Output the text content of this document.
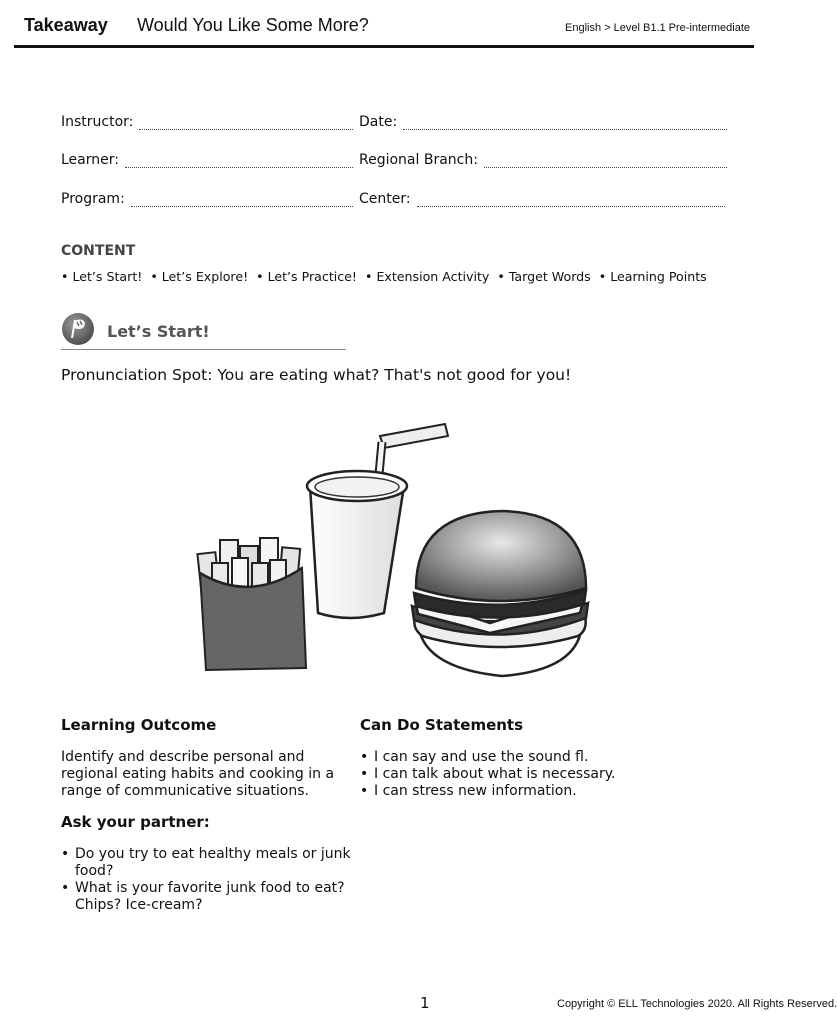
Takeaway Would You Like Some More?	English > Level B1.1 Pre-intermediate
Instructor:	Date:
Learner:	Regional Branch:
Program:	Center:
CONTENT
• Let’s Start!  • Let’s Explore!  • Let’s Practice!  • Extension Activity  • Target Words  • Learning Points
Let’s Start!
Pronunciation Spot: You are eating what? That's not good for you!
Learning Outcome
Identify and describe personal and regional eating habits and cooking in a range of communicative situations.
Can Do Statements
• I can say and use the sound fl.
• I can talk about what is necessary.
• I can stress new information.
Ask your partner:
• Do you try to eat healthy meals or junk food?
• What is your favorite junk food to eat? Chips? Ice-cream?
1	Copyright © ELL Technologies 2020. All Rights Reserved.
